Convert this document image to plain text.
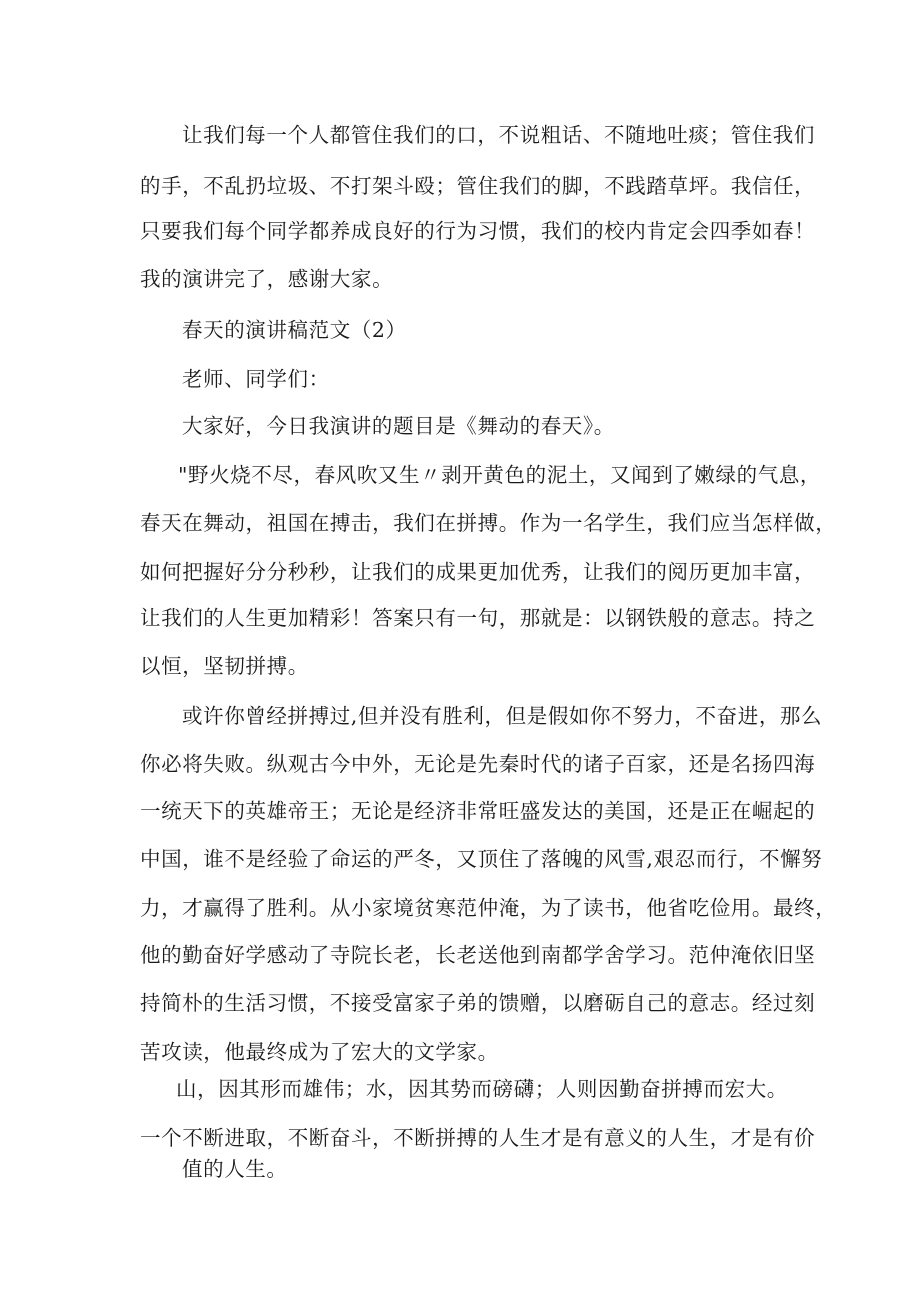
让我们每一个人都管住我们的口，不说粗话、不随地吐痰；管住我们
的手，不乱扔垃圾、不打架斗殴；管住我们的脚，不践踏草坪。我信任，
只要我们每个同学都养成良好的行为习惯，我们的校内肯定会四季如春！
我的演讲完了，感谢大家。
春天的演讲稿范文（2）
老师、同学们：
大家好，今日我演讲的题目是《舞动的春天》。
"野火烧不尽，春风吹又生〃剥开黄色的泥土，又闻到了嫩绿的气息，
春天在舞动，祖国在搏击，我们在拼搏。作为一名学生，我们应当怎样做，
如何把握好分分秒秒，让我们的成果更加优秀，让我们的阅历更加丰富，
让我们的人生更加精彩！答案只有一句，那就是：以钢铁般的意志。持之
以恒，坚韧拼搏。
或许你曾经拼搏过,但并没有胜利，但是假如你不努力，不奋进，那么
你必将失败。纵观古今中外，无论是先秦时代的诸子百家，还是名扬四海
一统天下的英雄帝王；无论是经济非常旺盛发达的美国，还是正在崛起的
中国，谁不是经验了命运的严冬，又顶住了落魄的风雪,艰忍而行，不懈努
力，才赢得了胜利。从小家境贫寒范仲淹，为了读书，他省吃俭用。最终，
他的勤奋好学感动了寺院长老，长老送他到南都学舍学习。范仲淹依旧坚
持简朴的生活习惯，不接受富家子弟的馈赠，以磨砺自己的意志。经过刻
苦攻读，他最终成为了宏大的文学家。
山，因其形而雄伟；水，因其势而磅礴；人则因勤奋拼搏而宏大。
一个不断进取，不断奋斗，不断拼搏的人生才是有意义的人生，才是有价
值的人生。
